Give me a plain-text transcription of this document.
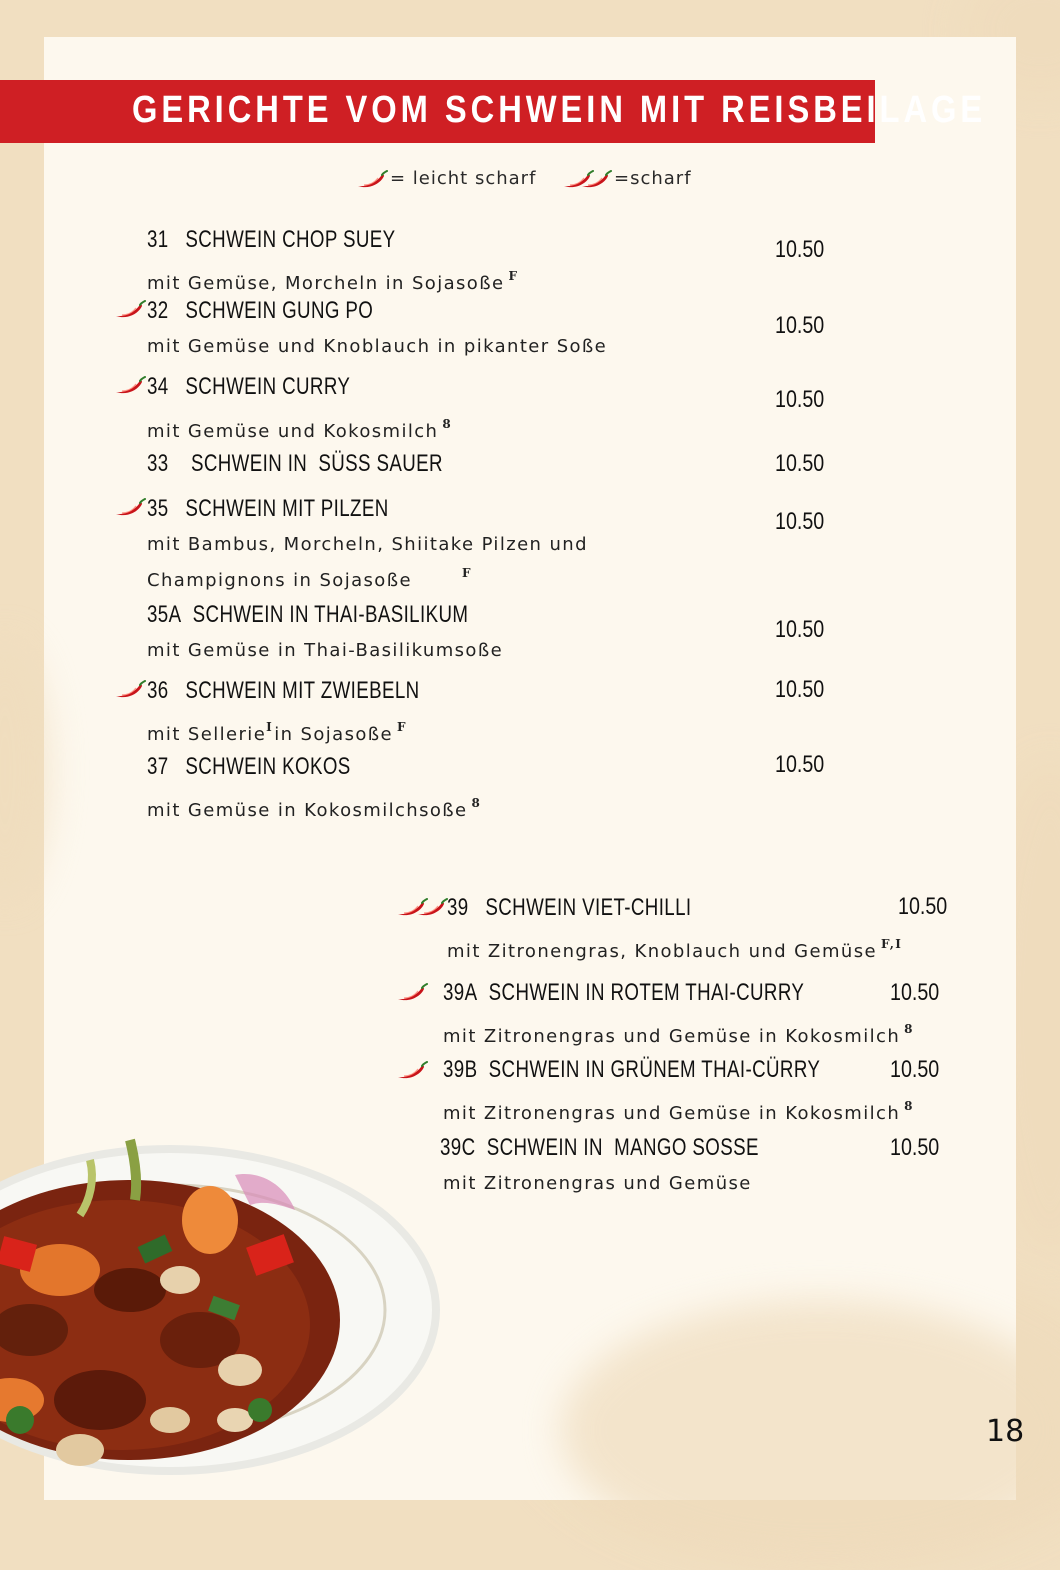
GERICHTE VOM SCHWEIN MIT REISBEILAGE
= leicht scharf	=scharf
31 SCHWEIN CHOP SUEY
mit Gemüse, Morcheln in Sojasoße $^F$
10.50
32 SCHWEIN GUNG PO
mit Gemüse und Knoblauch in pikanter Soße
10.50
34 SCHWEIN CURRY
mit Gemüse und Kokosmilch $^8$
10.50
33 SCHWEIN IN  SÜSS SAUER	10.50
35 SCHWEIN MIT PILZEN
mit Bambus, Morcheln, Shiitake Pilzen und
Champignons in Sojasoße	$^F$
10.50
35A SCHWEIN IN THAI-BASILIKUM
mit Gemüse in Thai-Basilikumsoße
10.50
36 SCHWEIN MIT ZWIEBELN
mit Sellerie$^I$in Sojasoße $^F$
10.50
37 SCHWEIN KOKOS
mit Gemüse in Kokosmilchsoße $^8$
10.50
39 SCHWEIN VIET-CHILLI
mit Zitronengras, Knoblauch und Gemüse $^{F,I}$
10.50
39A SCHWEIN IN ROTEM THAI-CURRY
mit Zitronengras und Gemüse in Kokosmilch $^8$
10.50
39B SCHWEIN IN GRÜNEM THAI-CÜRRY
mit Zitronengras und Gemüse in Kokosmilch $^8$
10.50
39C SCHWEIN IN  MANGO SOSSE
mit Zitronengras und Gemüse
10.50
18
